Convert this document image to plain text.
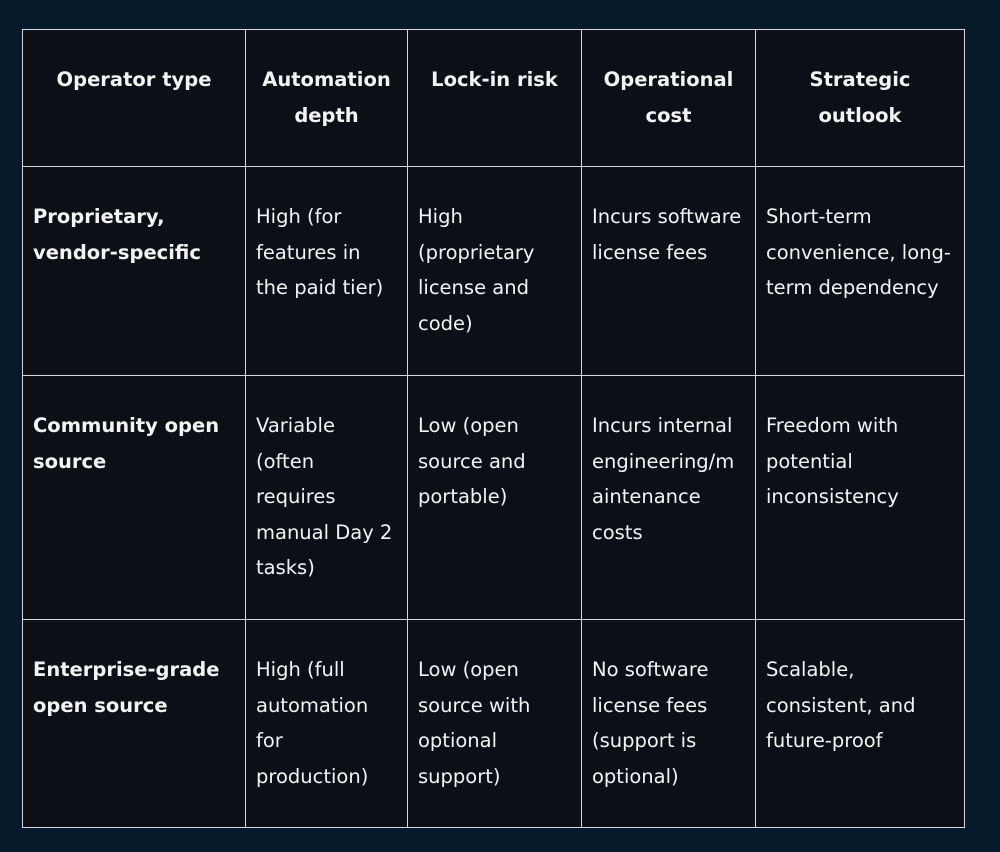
Operator type	Automation depth	Lock-in risk	Operational cost	Strategic outlook
Proprietary, vendor-specific	High (for features in the paid tier)	High (proprietary license and code)	Incurs software license fees	Short-term convenience, long-term dependency
Community open source	Variable (often requires manual Day 2 tasks)	Low (open source and portable)	Incurs internal engineering/maintenance costs	Freedom with potential inconsistency
Enterprise-grade open source	High (full automation for production)	Low (open source with optional support)	No software license fees (support is optional)	Scalable, consistent, and future-proof
